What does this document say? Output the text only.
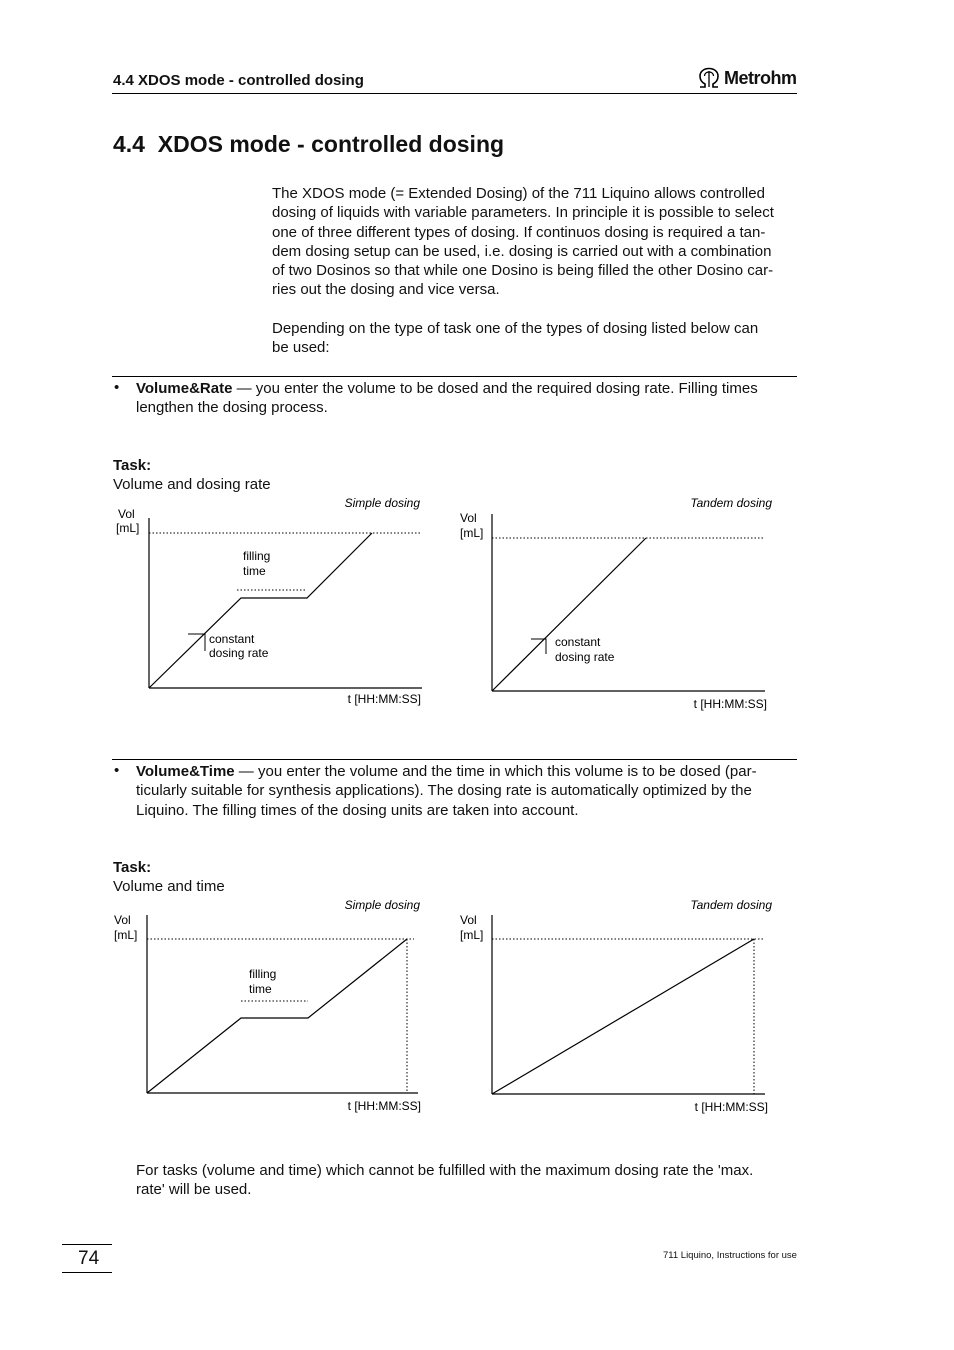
4.4 XDOS mode - controlled dosing	Metrohm
4.4  XDOS mode - controlled dosing
The XDOS mode (= Extended Dosing) of the 711 Liquino allows controlled
dosing of liquids with variable parameters. In principle it is possible to select
one of three different types of dosing. If continuos dosing is required a tan-
dem dosing setup can be used, i.e. dosing is carried out with a combination
of two Dosinos so that while one Dosino is being filled the other Dosino car-
ries out the dosing and vice versa.
Depending on the type of task one of the types of dosing listed below can
be used:
• Volume&Rate — you enter the volume to be dosed and the required dosing rate. Filling times
lengthen the dosing process.
Task:
Volume and dosing rate
Simple dosing
Vol
[mL]
filling
time
constant
dosing rate
t [HH:MM:SS]
Tandem dosing
Vol
[mL]
constant
dosing rate
t [HH:MM:SS]
• Volume&Time — you enter the volume and the time in which this volume is to be dosed (par-
ticularly suitable for synthesis applications). The dosing rate is automatically optimized by the
Liquino. The filling times of the dosing units are taken into account.
Task:
Volume and time
Simple dosing
Vol
[mL]
filling
time
t [HH:MM:SS]
Tandem dosing
Vol
[mL]
t [HH:MM:SS]
For tasks (volume and time) which cannot be fulfilled with the maximum dosing rate the 'max.
rate' will be used.
74	711 Liquino, Instructions for use
